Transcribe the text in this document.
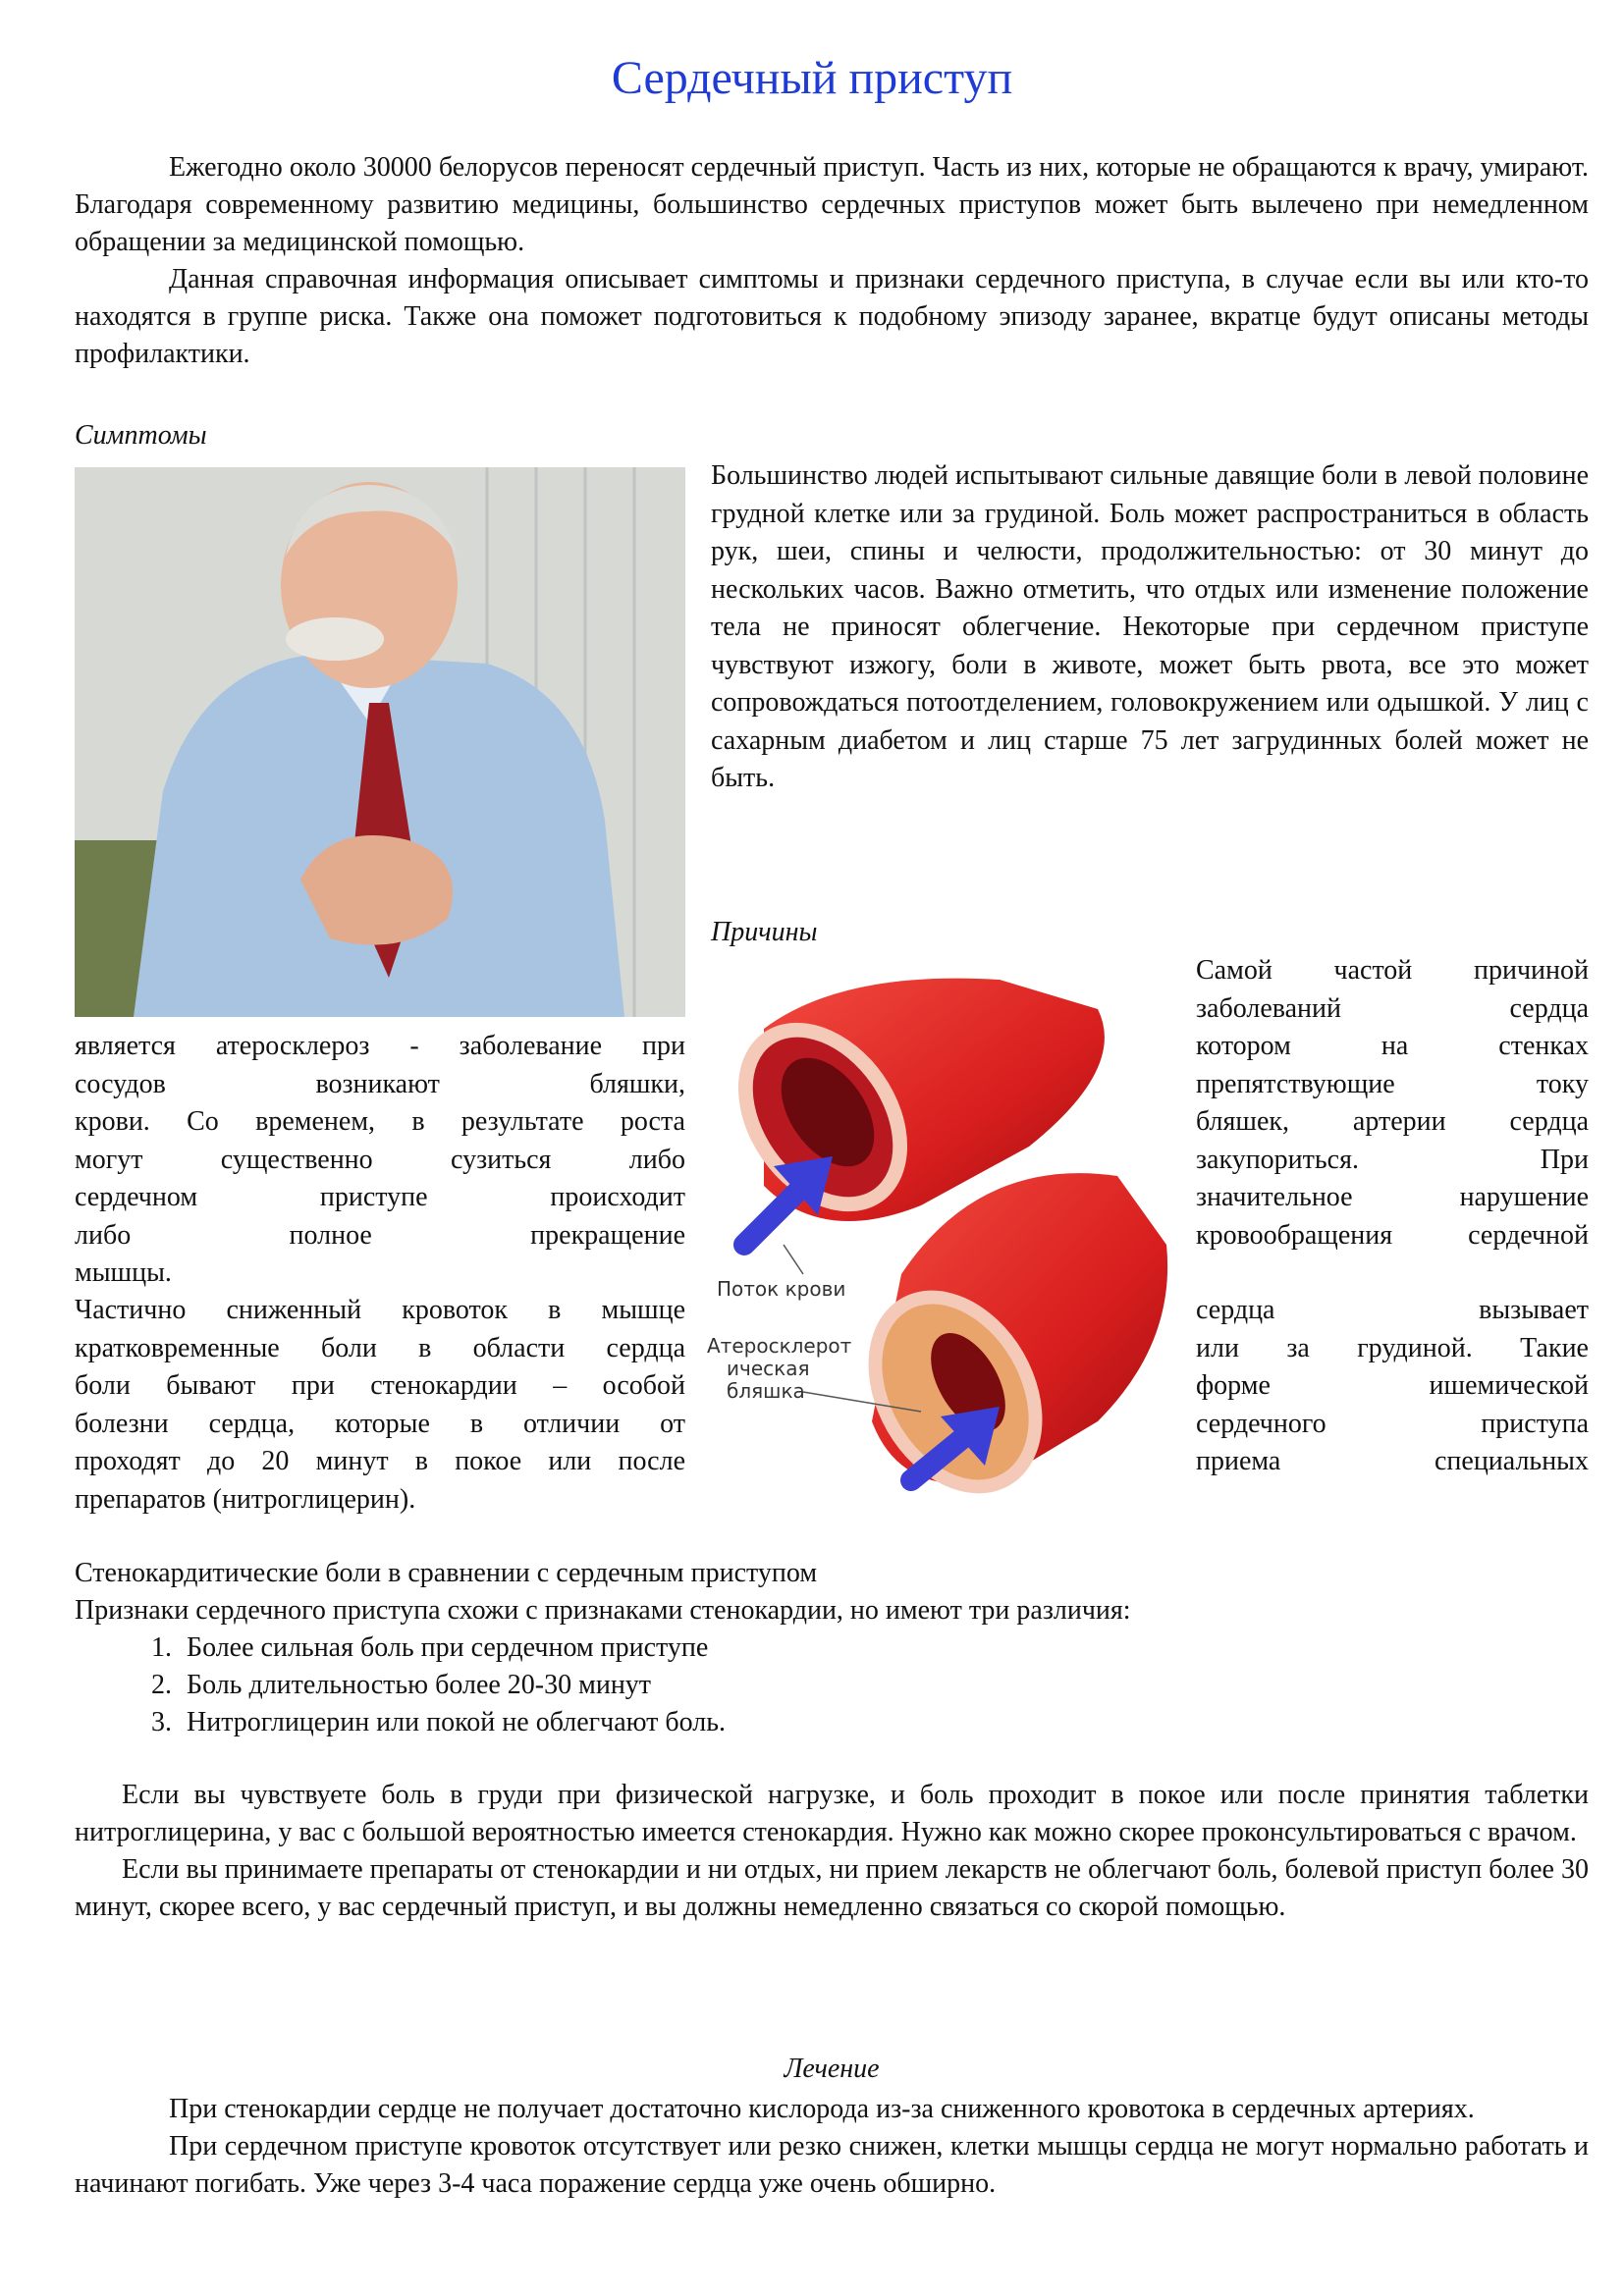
Сердечный приступ

Ежегодно около 30000 белорусов переносят сердечный приступ. Часть из них, которые не обращаются к врачу, умирают. Благодаря современному развитию медицины, большинство сердечных приступов может быть вылечено при немедленном обращении за медицинской помощью.

Данная справочная информация описывает симптомы и признаки сердечного приступа, в случае если вы или кто-то находятся в группе риска. Также она поможет подготовиться к подобному эпизоду заранее, вкратце будут описаны методы профилактики.

Симптомы

Большинство людей испытывают сильные давящие боли в левой половине грудной клетке или за грудиной. Боль может распространиться в область рук, шеи, спины и челюсти, продолжительностью: от 30 минут до нескольких часов. Важно отметить, что отдых или изменение положение тела не приносят облегчение. Некоторые при сердечном приступе чувствуют изжогу, боли в животе, может быть рвота, все это может сопровождаться потоотделением, головокружением или одышкой. У лиц с сахарным диабетом и лиц старше 75 лет загрудинных болей может не быть.

Причины

Самой частой причиной
заболеваний сердца
является атеросклероз - заболевание при
сосудов возникают бляшки,
крови. Со временем, в результате роста
могут существенно сузиться либо
сердечном приступе происходит
либо полное прекращение
мышцы.
котором на стенках
препятствующие току
бляшек, артерии сердца
закупориться. При
значительное нарушение
кровообращения сердечной
Частично сниженный кровоток в мышце
кратковременные боли в области сердца
боли бывают при стенокардии – особой
болезни сердца, которые в отличии от
проходят до 20 минут в покое или после
препаратов (нитроглицерин).
сердца вызывает
или за грудиной. Такие
форме ишемической
сердечного приступа
приема специальных
Поток крови
Атеросклерот
ическая
бляшка

Стенокардитические боли в сравнении с сердечным приступом

Признаки сердечного приступа схожи с признаками стенокардии, но имеют три различия:

1. Более сильная боль при сердечном приступе
2. Боль длительностью более 20-30 минут
3. Нитроглицерин или покой не облегчают боль.

Если вы чувствуете боль в груди при физической нагрузке, и боль проходит в покое или после принятия таблетки нитроглицерина, у вас с большой вероятностью имеется стенокардия. Нужно как можно скорее проконсультироваться с врачом.

Если вы принимаете препараты от стенокардии и ни отдых, ни прием лекарств не облегчают боль, болевой приступ более 30 минут, скорее всего, у вас сердечный приступ, и вы должны немедленно связаться со скорой помощью.

Лечение

При стенокардии сердце не получает достаточно кислорода из-за сниженного кровотока в сердечных артериях.

При сердечном приступе кровоток отсутствует или резко снижен, клетки мышцы сердца не могут нормально работать и начинают погибать. Уже через 3-4 часа поражение сердца уже очень обширно.
